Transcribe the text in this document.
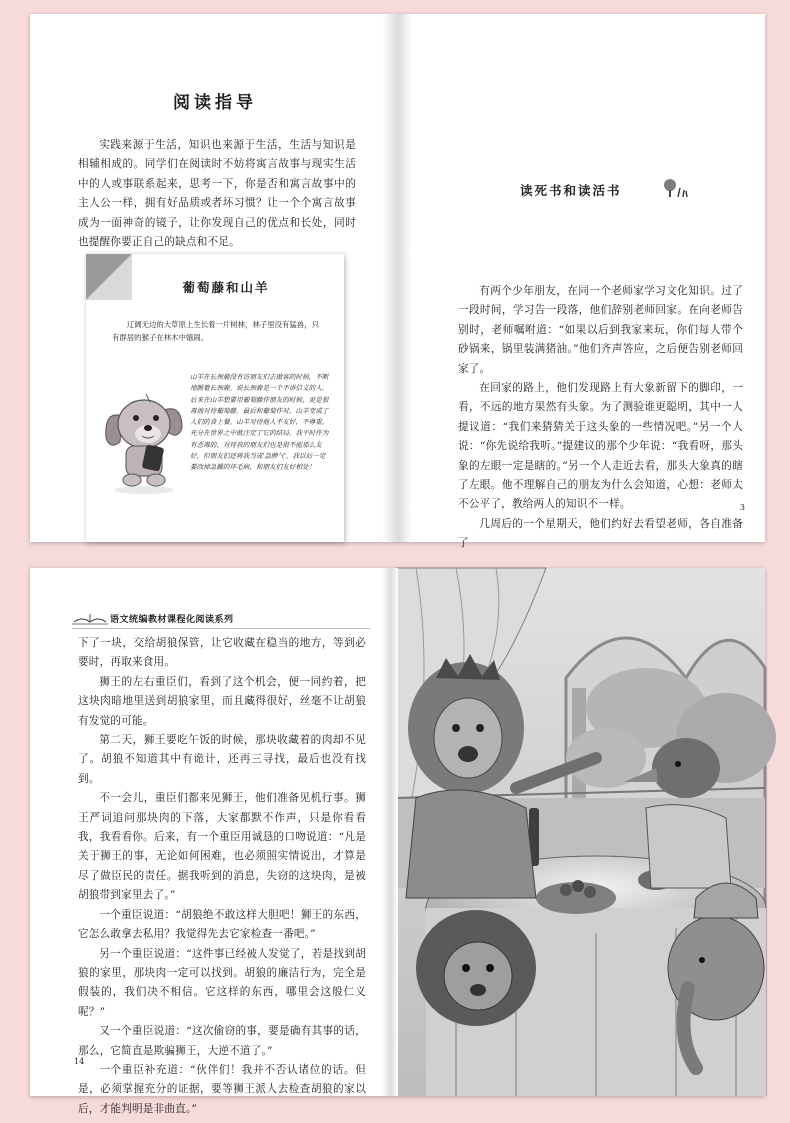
阅读指导

实践来源于生活，知识也来源于生活，生活与知识是相辅相成的。同学们在阅读时不妨将寓言故事与现实生活中的人或事联系起来，思考一下，你是否和寓言故事中的主人公一样，拥有好品质或者坏习惯？让一个个寓言故事成为一面神奇的镜子，让你发现自己的优点和长处，同时也提醒你要正自己的缺点和不足。

葡萄藤和山羊
辽阔无边的大草原上生长着一片树林，林子里没有猛兽，只有群居的猴子在林木中嬉闹。
山羊在长颈鹿没有访朋友们去做客的时候，不断地瞧着长颈鹿。说长颈鹿是一个不讲信义的人。后来在山羊想要用葡萄藤作朋友的时候，更是狠毒地对待葡萄藤。最后和葡萄作对，山羊变成了人们的食上餐。山羊对待他人不友好，不尊重，充分在世界之中就注定了它的结局。我平时作为有恶毒的、对待我的朋友们也是很不能那么友好，但朋友们还将我当成'急脾气'，我以后一定要改掉急躁的坏毛病，和朋友们友好相处！
读死书和读活书

有两个少年朋友，在同一个老师家学习文化知识。过了一段时间，学习告一段落，他们辞别老师回家。在向老师告别时，老师嘱咐道：“如果以后到我家来玩，你们每人带个砂锅来，锅里装满猪油。”他们齐声答应，之后便告别老师回家了。

在回家的路上，他们发现路上有大象新留下的脚印，一看，不远的地方果然有头象。为了测验谁更聪明，其中一人提议道：“我们来猜猜关于这头象的一些情况吧。”另一个人说：“你先说给我听。”提建议的那个少年说：“我看呀，那头象的左眼一定是瞎的。”另一个人走近去看，那头大象真的瞎了左眼。他不理解自己的朋友为什么会知道，心想：老师太不公平了，教给两人的知识不一样。

几周后的一个星期天，他们约好去看望老师，各自准备了

3
语文统编教材课程化阅读系列

下了一块，交给胡狼保管，让它收藏在稳当的地方，等到必要时，再取来食用。

狮王的左右重臣们，看到了这个机会，便一同约着，把这块肉暗地里送到胡狼家里，而且藏得很好，丝毫不让胡狼有发觉的可能。

第二天，狮王要吃午饭的时候，那块收藏着的肉却不见了。胡狼不知道其中有诡计，还再三寻找，最后也没有找到。

不一会儿，重臣们都来见狮王，他们准备见机行事。狮王严词追问那块肉的下落，大家都默不作声，只是你看看我，我看看你。后来，有一个重臣用诚恳的口吻说道：“凡是关于狮王的事，无论如何困难，也必须照实情说出，才算是尽了做臣民的责任。据我听到的消息，失窃的这块肉，是被胡狼带到家里去了。”

一个重臣说道：“胡狼绝不敢这样大胆吧！狮王的东西，它怎么敢拿去私用？我觉得先去它家检查一番吧。”

另一个重臣说道：“这件事已经被人发觉了，若是找到胡狼的家里，那块肉一定可以找到。胡狼的廉洁行为，完全是假装的，我们决不相信。它这样的东西，哪里会这般仁义呢？”

又一个重臣说道：“这次偷窃的事，要是确有其事的话，那么，它简直是欺骗狮王，大逆不道了。”

一个重臣补充道：“伙伴们！我并不否认诸位的话。但是，必须掌握充分的证据，要等狮王派人去检查胡狼的家以后，才能判明是非曲直。”

14
